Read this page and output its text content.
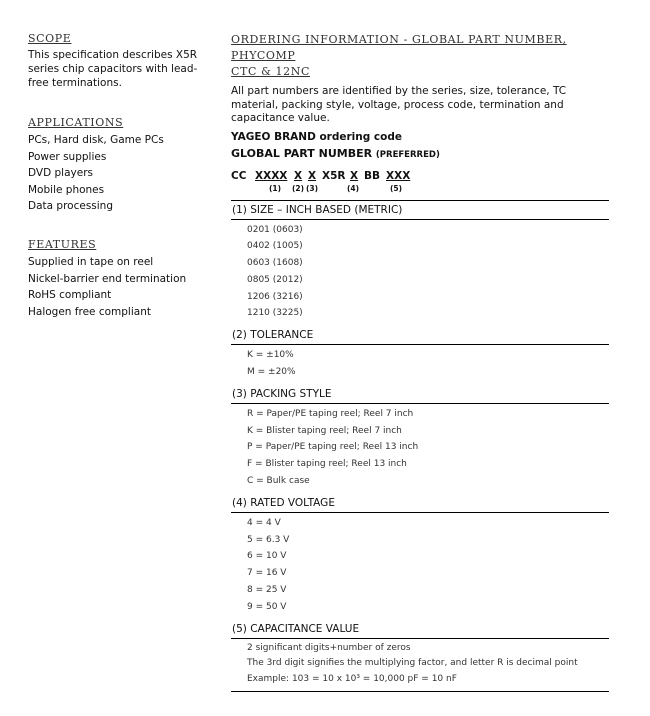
SCOPE

This specification describes X5R series chip capacitors with lead-free terminations.

APPLICATIONS
PCs, Hard disk, Game PCs
Power supplies
DVD players
Mobile phones
Data processing
FEATURES
Supplied in tape on reel
Nickel-barrier end termination
RoHS compliant
Halogen free compliant
ORDERING INFORMATION - GLOBAL PART NUMBER, PHYCOMP
CTC & 12NC

All part numbers are identified by the series, size, tolerance, TC material, packing style, voltage, process code, termination and capacitance value.

YAGEO BRAND ordering code

GLOBAL PART NUMBER (PREFERRED)

CC XXXX X X X5R X BB XXX
(1) (2) (3)	(4)	(5)
(1) SIZE – INCH BASED (METRIC)
0201 (0603)
0402 (1005)
0603 (1608)
0805 (2012)
1206 (3216)
1210 (3225)
(2) TOLERANCE
K = ±10%
M = ±20%
(3) PACKING STYLE
R = Paper/PE taping reel; Reel 7 inch
K = Blister taping reel; Reel 7 inch
P = Paper/PE taping reel; Reel 13 inch
F = Blister taping reel; Reel 13 inch
C = Bulk case
(4) RATED VOLTAGE
4 = 4 V
5 = 6.3 V
6 = 10 V
7 = 16 V
8 = 25 V
9 = 50 V
(5) CAPACITANCE VALUE
2 significant digits+number of zeros
The 3rd digit signifies the multiplying factor, and letter R is decimal point
Example: 103 = 10 x 10³ = 10,000 pF = 10 nF
